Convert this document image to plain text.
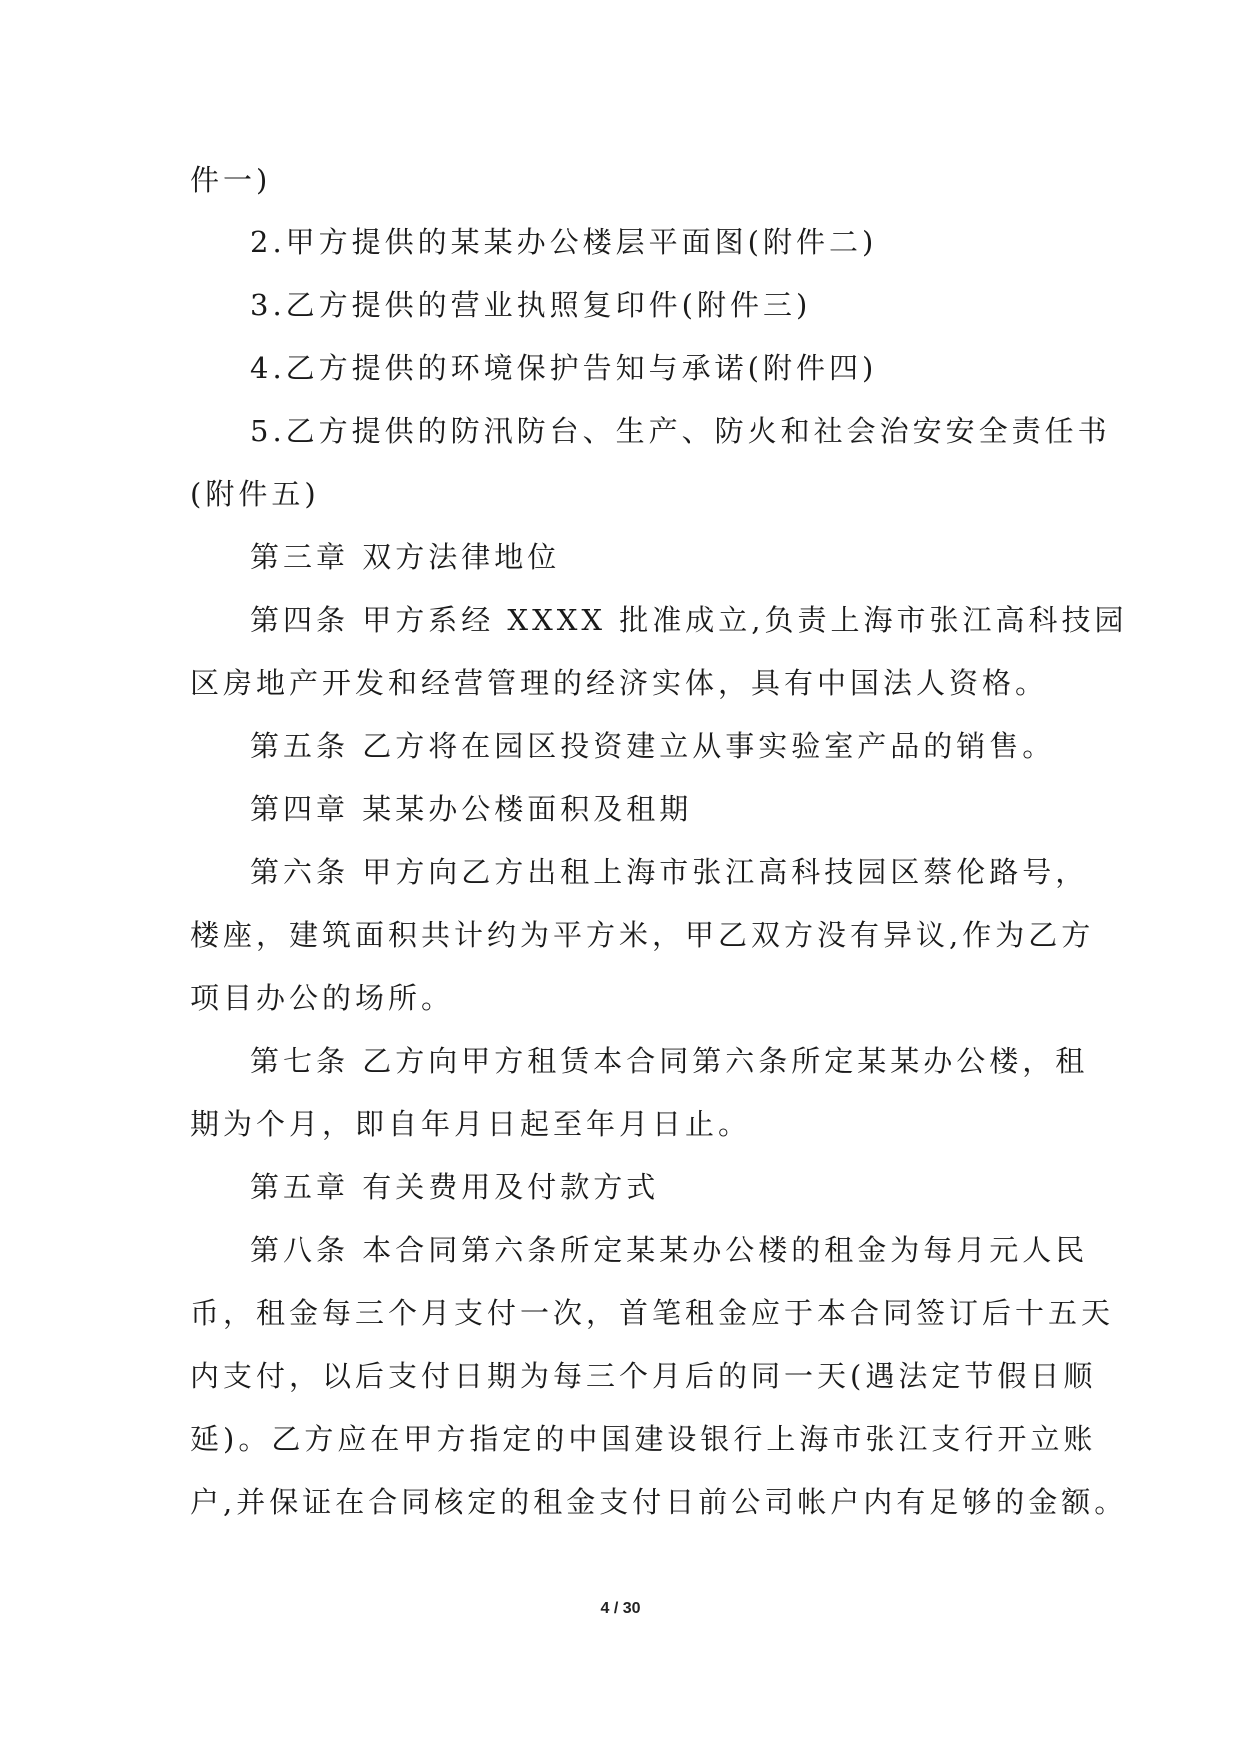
件一)

2.甲方提供的某某办公楼层平面图(附件二)

3.乙方提供的营业执照复印件(附件三)

4.乙方提供的环境保护告知与承诺(附件四)

5.乙方提供的防汛防台、生产、防火和社会治安安全责任书

(附件五)

第三章 双方法律地位

第四条 甲方系经 XXXX 批准成立,负责上海市张江高科技园

区房地产开发和经营管理的经济实体，具有中国法人资格。

第五条 乙方将在园区投资建立从事实验室产品的销售。

第四章 某某办公楼面积及租期

第六条 甲方向乙方出租上海市张江高科技园区蔡伦路号，

楼座，建筑面积共计约为平方米，甲乙双方没有异议,作为乙方

项目办公的场所。

第七条 乙方向甲方租赁本合同第六条所定某某办公楼，租

期为个月，即自年月日起至年月日止。

第五章 有关费用及付款方式

第八条 本合同第六条所定某某办公楼的租金为每月元人民

币，租金每三个月支付一次，首笔租金应于本合同签订后十五天

内支付，以后支付日期为每三个月后的同一天(遇法定节假日顺

延)。乙方应在甲方指定的中国建设银行上海市张江支行开立账

户,并保证在合同核定的租金支付日前公司帐户内有足够的金额。

4 / 30
